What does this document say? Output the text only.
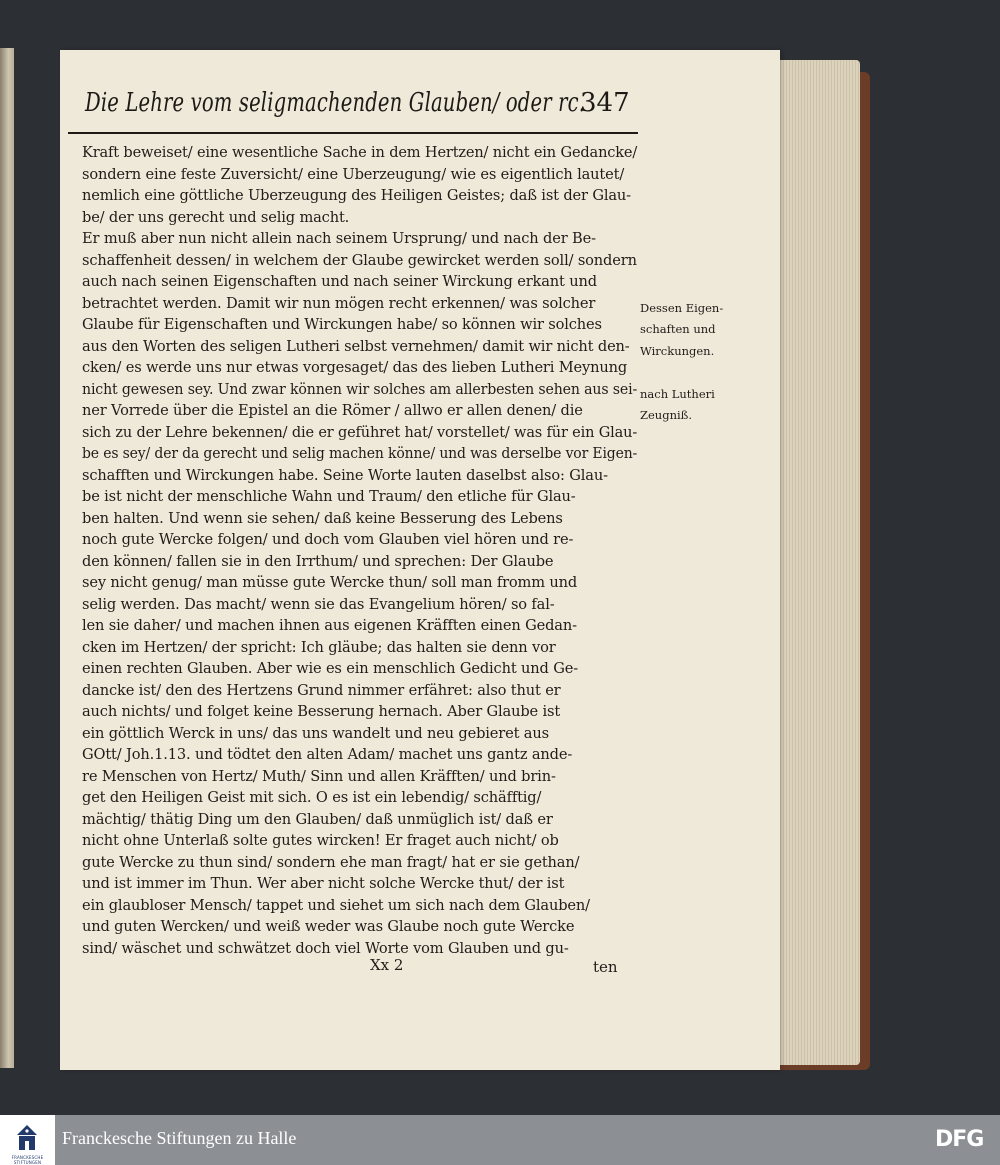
Die Lehre vom seligmachenden Glauben/ oder rc.
347
Kraft beweiset/ eine wesentliche Sache in dem Hertzen/ nicht ein Gedancke/
sondern eine feste Zuversicht/ eine Uberzeugung/ wie es eigentlich lautet/
nemlich eine göttliche Uberzeugung des Heiligen Geistes; daß ist der Glau-
be/ der uns gerecht und selig macht.
Er muß aber nun nicht allein nach seinem Ursprung/ und nach der Be-
schaffenheit dessen/ in welchem der Glaube gewircket werden soll/ sondern
auch nach seinen Eigenschaften und nach seiner Wirckung erkant und
betrachtet werden. Damit wir nun mögen recht erkennen/ was solcher
Glaube für Eigenschaften und Wirckungen habe/ so können wir solches
aus den Worten des seligen Lutheri selbst vernehmen/ damit wir nicht den-
cken/ es werde uns nur etwas vorgesaget/ das des lieben Lutheri Meynung
nicht gewesen sey. Und zwar können wir solches am allerbesten sehen aus sei-
ner Vorrede über die Epistel an die Römer / allwo er allen denen/ die
sich zu der Lehre bekennen/ die er geführet hat/ vorstellet/ was für ein Glau-
be es sey/ der da gerecht und selig machen könne/ und was derselbe vor Eigen-
schafften und Wirckungen habe. Seine Worte lauten daselbst also: Glau-
be ist nicht der menschliche Wahn und Traum/ den etliche für Glau-
ben halten. Und wenn sie sehen/ daß keine Besserung des Lebens
noch gute Wercke folgen/ und doch vom Glauben viel hören und re-
den können/ fallen sie in den Irrthum/ und sprechen: Der Glaube
sey nicht genug/ man müsse gute Wercke thun/ soll man fromm und
selig werden. Das macht/ wenn sie das Evangelium hören/ so fal-
len sie daher/ und machen ihnen aus eigenen Kräfften einen Gedan-
cken im Hertzen/ der spricht: Ich gläube; das halten sie denn vor
einen rechten Glauben. Aber wie es ein menschlich Gedicht und Ge-
dancke ist/ den des Hertzens Grund nimmer erfähret: also thut er
auch nichts/ und folget keine Besserung hernach. Aber Glaube ist
ein göttlich Werck in uns/ das uns wandelt und neu gebieret aus
GOtt/ Joh.1.13. und tödtet den alten Adam/ machet uns gantz ande-
re Menschen von Hertz/ Muth/ Sinn und allen Kräfften/ und brin-
get den Heiligen Geist mit sich. O es ist ein lebendig/ schäfftig/
mächtig/ thätig Ding um den Glauben/ daß unmüglich ist/ daß er
nicht ohne Unterlaß solte gutes wircken! Er fraget auch nicht/ ob
gute Wercke zu thun sind/ sondern ehe man fragt/ hat er sie gethan/
und ist immer im Thun. Wer aber nicht solche Wercke thut/ der ist
ein glaubloser Mensch/ tappet und siehet um sich nach dem Glauben/
und guten Wercken/ und weiß weder was Glaube noch gute Wercke
sind/ wäschet und schwätzet doch viel Worte vom Glauben und gu-
Dessen Eigen-
schaften und
Wirckungen.
nach Lutheri
Zeugniß.
Xx 2	ten
FRANCKESCHE STIFTUNGEN
Franckesche Stiftungen zu Halle	DFG
